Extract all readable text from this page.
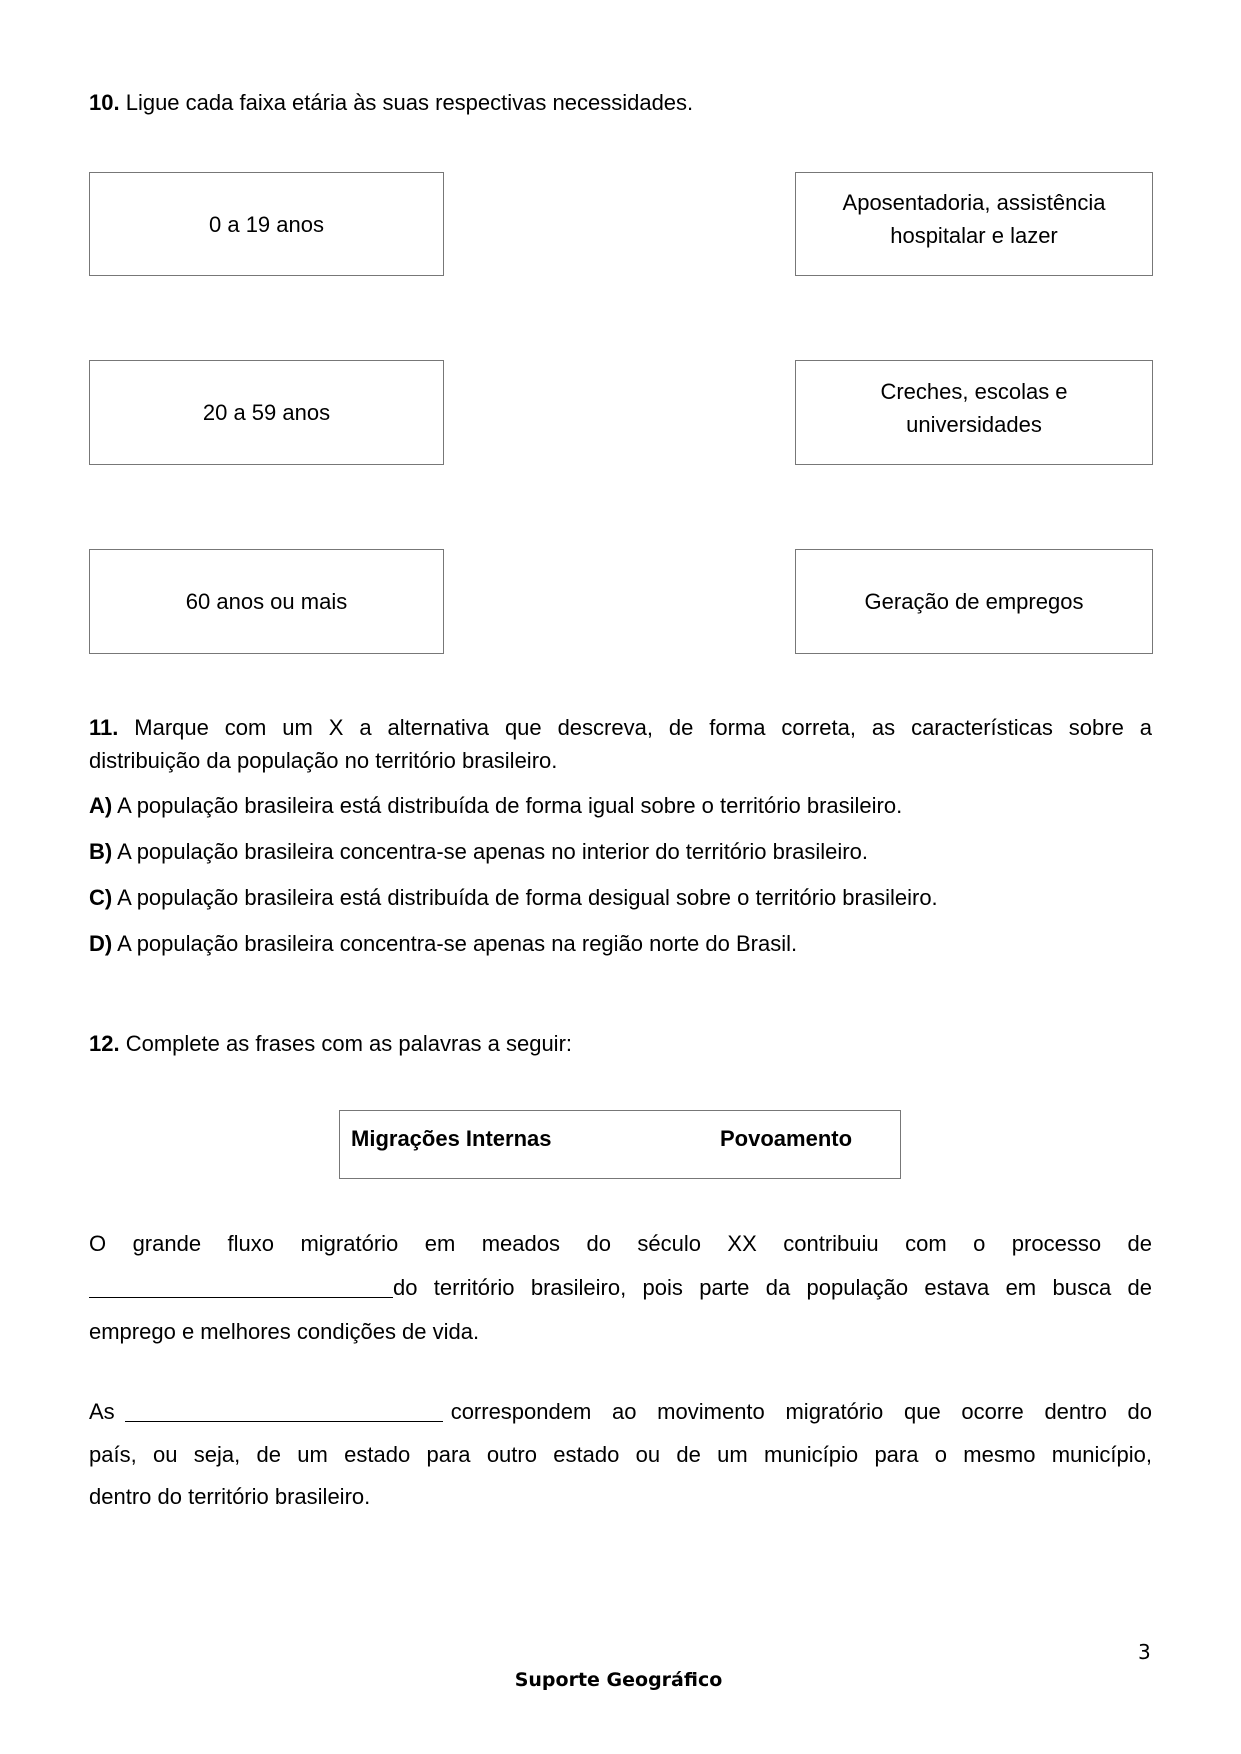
10. Ligue cada faixa etária às suas respectivas necessidades.
0 a 19 anos
20 a 59 anos
60 anos ou mais
Aposentadoria, assistência
hospitalar e lazer
Creches, escolas e
universidades
Geração de empregos
11. Marque com um X a alternativa que descreva, de forma correta, as características sobre a
distribuição da população no território brasileiro.
A) A população brasileira está distribuída de forma igual sobre o território brasileiro.
B) A população brasileira concentra-se apenas no interior do território brasileiro.
C) A população brasileira está distribuída de forma desigual sobre o território brasileiro.
D) A população brasileira concentra-se apenas na região norte do Brasil.
12. Complete as frases com as palavras a seguir:
Migrações Internas	Povoamento
O grande fluxo migratório em meados do século XX contribuiu com o processo de
do território brasileiro, pois parte da população estava em busca de
emprego e melhores condições de vida.
As	correspondem ao movimento migratório que ocorre dentro do
país, ou seja, de um estado para outro estado ou de um município para o mesmo município,
dentro do território brasileiro.
3
Suporte Geográfico
